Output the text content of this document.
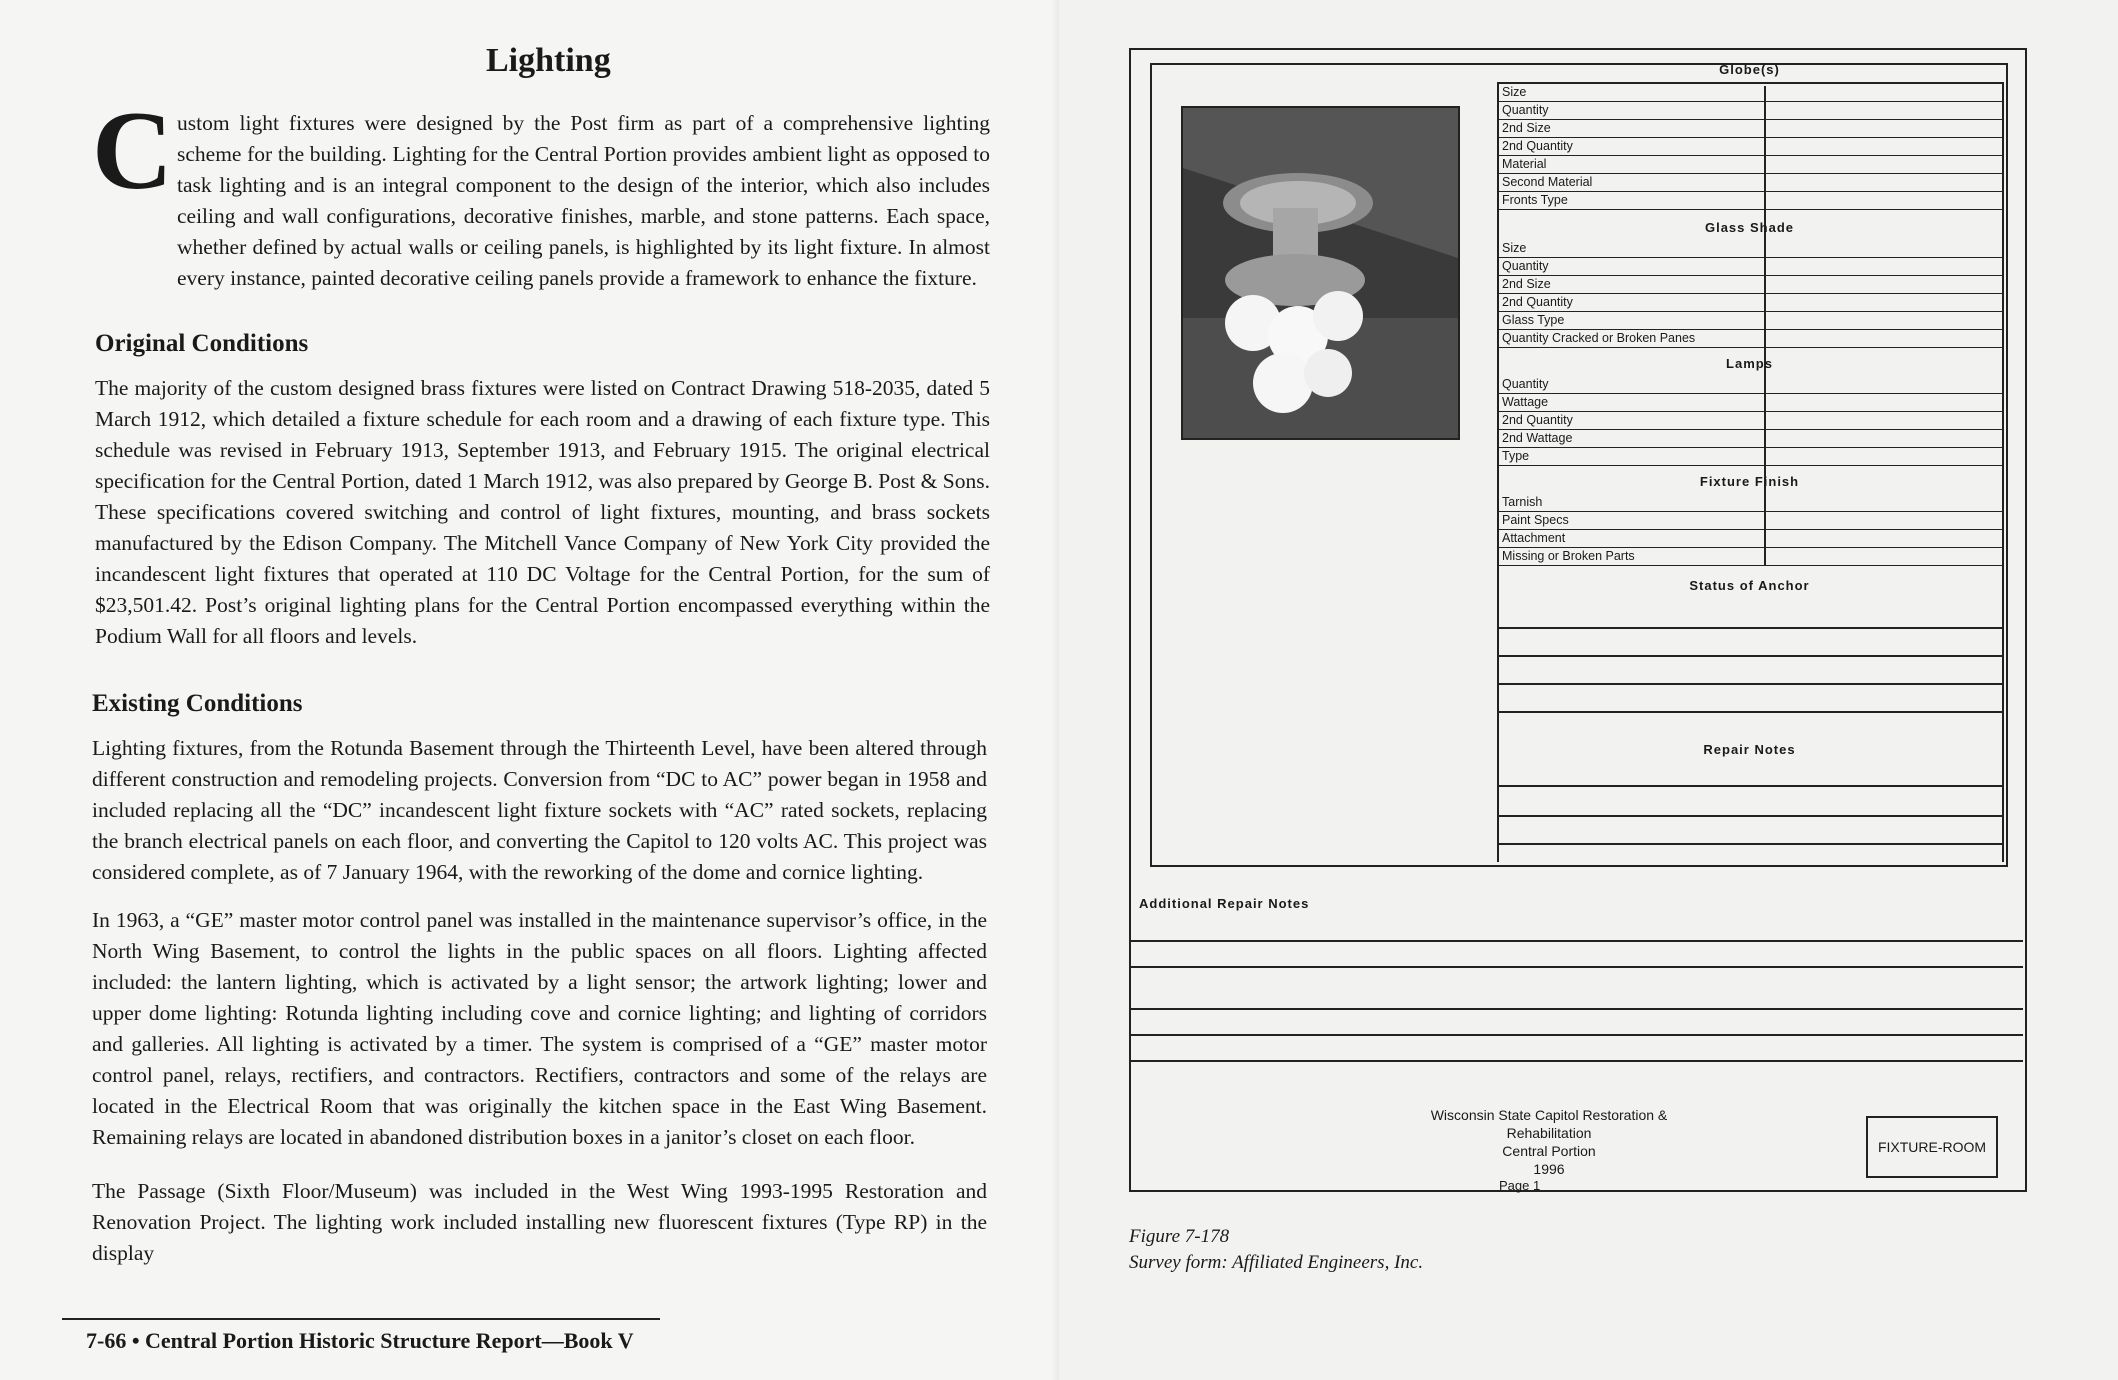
Lighting
C ustom light fixtures were designed by the Post firm as part of a comprehensive lighting scheme for the building. Lighting for the Central Portion provides ambient light as opposed to task lighting and is an integral component to the design of the interior, which also includes ceiling and wall configurations, decorative finishes, marble, and stone patterns. Each space, whether defined by actual walls or ceiling panels, is highlighted by its light fixture. In almost every instance, painted decorative ceiling panels provide a framework to enhance the fixture.
Original Conditions
The majority of the custom designed brass fixtures were listed on Contract Drawing 518-2035, dated 5 March 1912, which detailed a fixture schedule for each room and a drawing of each fixture type. This schedule was revised in February 1913, September 1913, and February 1915. The original electrical specification for the Central Portion, dated 1 March 1912, was also prepared by George B. Post & Sons. These specifications covered switching and control of light fixtures, mounting, and brass sockets manufactured by the Edison Company. The Mitchell Vance Company of New York City provided the incandescent light fixtures that operated at 110 DC Voltage for the Central Portion, for the sum of $23,501.42. Post’s original lighting plans for the Central Portion encompassed everything within the Podium Wall for all floors and levels.
Existing Conditions
Lighting fixtures, from the Rotunda Basement through the Thirteenth Level, have been altered through different construction and remodeling projects. Conversion from “DC to AC” power began in 1958 and included replacing all the “DC” incandescent light fixture sockets with “AC” rated sockets, replacing the branch electrical panels on each floor, and converting the Capitol to 120 volts AC. This project was considered complete, as of 7 January 1964, with the reworking of the dome and cornice lighting.
In 1963, a “GE” master motor control panel was installed in the maintenance supervisor’s office, in the North Wing Basement, to control the lights in the public spaces on all floors. Lighting affected included: the lantern lighting, which is activated by a light sensor; the artwork lighting; lower and upper dome lighting: Rotunda lighting including cove and cornice lighting; and lighting of corridors and galleries. All lighting is activated by a timer. The system is comprised of a “GE” master motor control panel, relays, rectifiers, and contractors. Rectifiers, contractors and some of the relays are located in the Electrical Room that was originally the kitchen space in the East Wing Basement. Remaining relays are located in abandoned distribution boxes in a janitor’s closet on each floor.
The Passage (Sixth Floor/Museum) was included in the West Wing 1993-1995 Restoration and Renovation Project. The lighting work included installing new fluorescent fixtures (Type RP) in the display
7-66 • Central Portion Historic Structure Report—Book V
Globe(s)
Size
Quantity
2nd Size
2nd Quantity
Material
Second Material
Fronts Type
Glass Shade
Size
Quantity
2nd Size
2nd Quantity
Glass Type
Quantity Cracked or Broken Panes
Lamps
Quantity
Wattage
2nd Quantity
2nd Wattage
Type
Fixture Finish
Tarnish
Paint Specs
Attachment
Missing or Broken Parts
Status of Anchor
Repair Notes
Additional Repair Notes
Wisconsin State Capitol Restoration & Rehabilitation
Central Portion
1996
FIXTURE-ROOM
Page 1
Figure 7-178
Survey form: Affiliated Engineers, Inc.
